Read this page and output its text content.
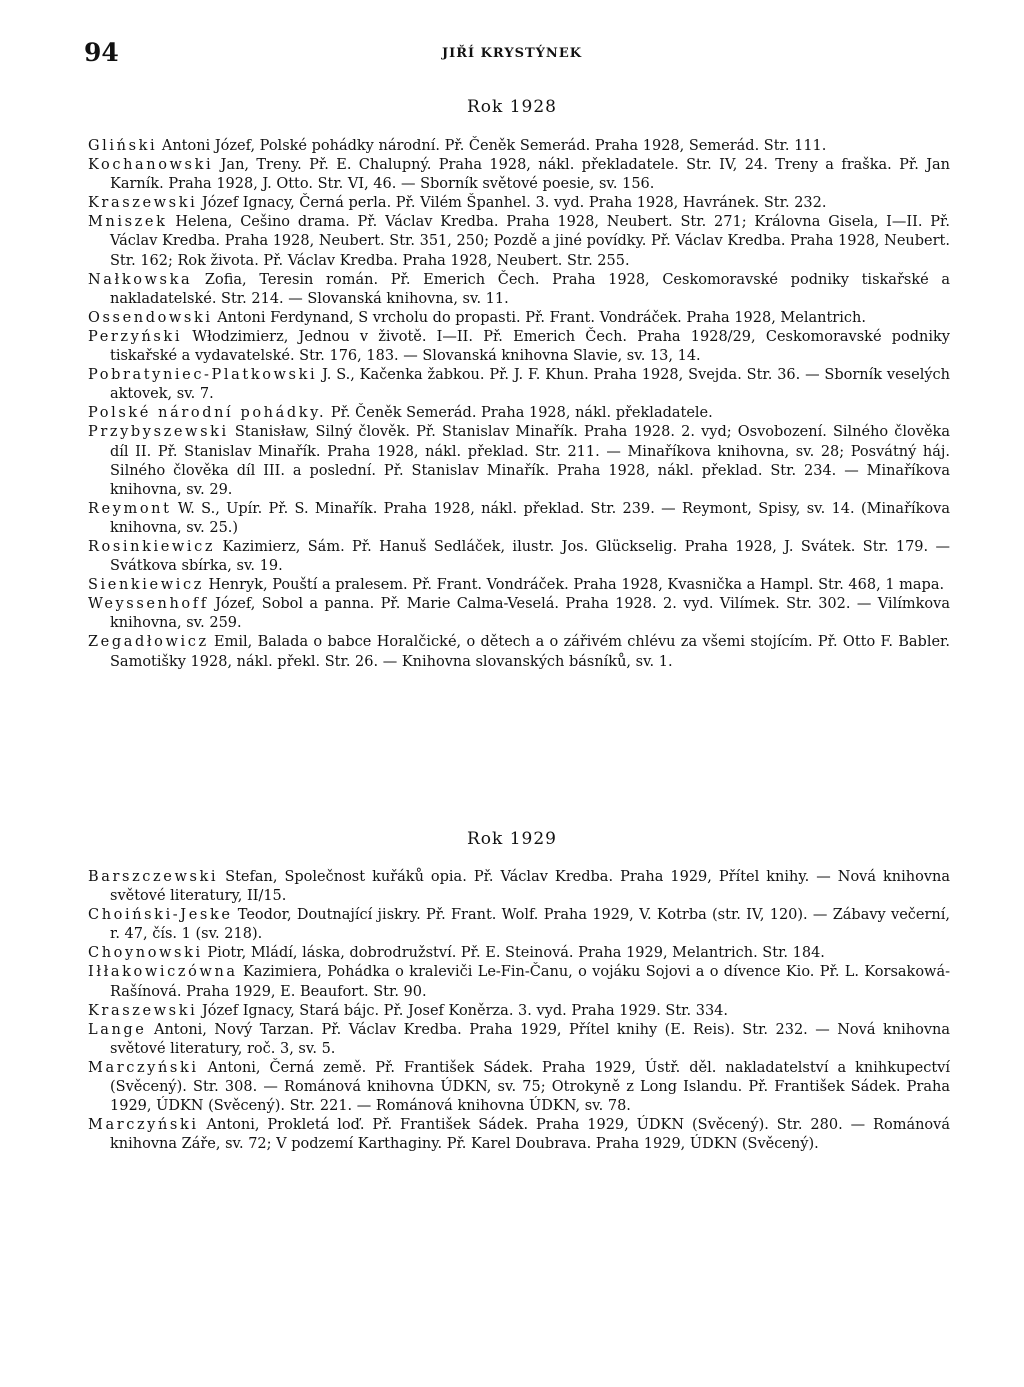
94	JIŘÍ KRYSTÝNEK
Rok 1928
Gliński Antoni Józef, Polské pohádky národní. Př. Čeněk Semerád. Praha 1928, Semerád. Str. 111.
Kochanowski Jan, Treny. Př. E. Chalupný. Praha 1928, nákl. překladatele. Str. IV, 24. Treny a fraška. Př. Jan Karník. Praha 1928, J. Otto. Str. VI, 46. — Sborník světové poesie, sv. 156.
Kraszewski Józef Ignacy, Černá perla. Př. Vilém Španhel. 3. vyd. Praha 1928, Havránek. Str. 232.
Mniszek Helena, Cešino drama. Př. Václav Kredba. Praha 1928, Neubert. Str. 271; Královna Gisela, I—II. Př. Václav Kredba. Praha 1928, Neubert. Str. 351, 250; Pozdě a jiné povídky. Př. Václav Kredba. Praha 1928, Neubert. Str. 162; Rok života. Př. Václav Kredba. Praha 1928, Neubert. Str. 255.
Nałkowska Zofia, Teresin román. Př. Emerich Čech. Praha 1928, Ceskomoravské podniky tiskařské a nakladatelské. Str. 214. — Slovanská knihovna, sv. 11.
Ossendowski Antoni Ferdynand, S vrcholu do propasti. Př. Frant. Vondráček. Praha 1928, Melantrich.
Perzyński Włodzimierz, Jednou v životě. I—II. Př. Emerich Čech. Praha 1928/29, Ceskomoravské podniky tiskařské a vydavatelské. Str. 176, 183. — Slovanská knihovna Slavie, sv. 13, 14.
Pobratyniec-Platkowski J. S., Kačenka žabkou. Př. J. F. Khun. Praha 1928, Svejda. Str. 36. — Sborník veselých aktovek, sv. 7.
Polské národní pohádky. Př. Čeněk Semerád. Praha 1928, nákl. překladatele.
Przybyszewski Stanisław, Silný člověk. Př. Stanislav Minařík. Praha 1928. 2. vyd; Osvobození. Silného člověka díl II. Př. Stanislav Minařík. Praha 1928, nákl. překlad. Str. 211. — Minaříkova knihovna, sv. 28; Posvátný háj. Silného člověka díl III. a poslední. Př. Stanislav Minařík. Praha 1928, nákl. překlad. Str. 234. — Minaříkova knihovna, sv. 29.
Reymont W. S., Upír. Př. S. Minařík. Praha 1928, nákl. překlad. Str. 239. — Reymont, Spisy, sv. 14. (Minaříkova knihovna, sv. 25.)
Rosinkiewicz Kazimierz, Sám. Př. Hanuš Sedláček, ilustr. Jos. Glückselig. Praha 1928, J. Svátek. Str. 179. — Svátkova sbírka, sv. 19.
Sienkiewicz Henryk, Pouští a pralesem. Př. Frant. Vondráček. Praha 1928, Kvasnička a Hampl. Str. 468, 1 mapa.
Weyssenhoff Józef, Sobol a panna. Př. Marie Calma-Veselá. Praha 1928. 2. vyd. Vilímek. Str. 302. — Vilímkova knihovna, sv. 259.
Zegadłowicz Emil, Balada o babce Horalčické, o dětech a o zářivém chlévu za všemi stojícím. Př. Otto F. Babler. Samotišky 1928, nákl. překl. Str. 26. — Knihovna slovanských básníků, sv. 1.
Rok 1929
Barszczewski Stefan, Společnost kuřáků opia. Př. Václav Kredba. Praha 1929, Přítel knihy. — Nová knihovna světové literatury, II/15.
Choiński-Jeske Teodor, Doutnající jiskry. Př. Frant. Wolf. Praha 1929, V. Kotrba (str. IV, 120). — Zábavy večerní, r. 47, čís. 1 (sv. 218).
Choynowski Piotr, Mládí, láska, dobrodružství. Př. E. Steinová. Praha 1929, Melantrich. Str. 184.
Iłłakowiczówna Kazimiera, Pohádka o kraleviči Le-Fin-Čanu, o vojáku Sojovi a o dívence Kio. Př. L. Korsakowá-Rašínová. Praha 1929, E. Beaufort. Str. 90.
Kraszewski Józef Ignacy, Stará bájc. Př. Josef Koněrza. 3. vyd. Praha 1929. Str. 334.
Lange Antoni, Nový Tarzan. Př. Václav Kredba. Praha 1929, Přítel knihy (E. Reis). Str. 232. — Nová knihovna světové literatury, roč. 3, sv. 5.
Marczyński Antoni, Černá země. Př. František Sádek. Praha 1929, Ústř. děl. nakladatelství a knihkupectví (Svěcený). Str. 308. — Románová knihovna ÚDKN, sv. 75; Otrokyně z Long Islandu. Př. František Sádek. Praha 1929, ÚDKN (Svěcený). Str. 221. — Románová knihovna ÚDKN, sv. 78.
Marczyński Antoni, Prokletá loď. Př. František Sádek. Praha 1929, ÚDKN (Svěcený). Str. 280. — Románová knihovna Záře, sv. 72; V podzemí Karthaginy. Př. Karel Doubrava. Praha 1929, ÚDKN (Svěcený).
